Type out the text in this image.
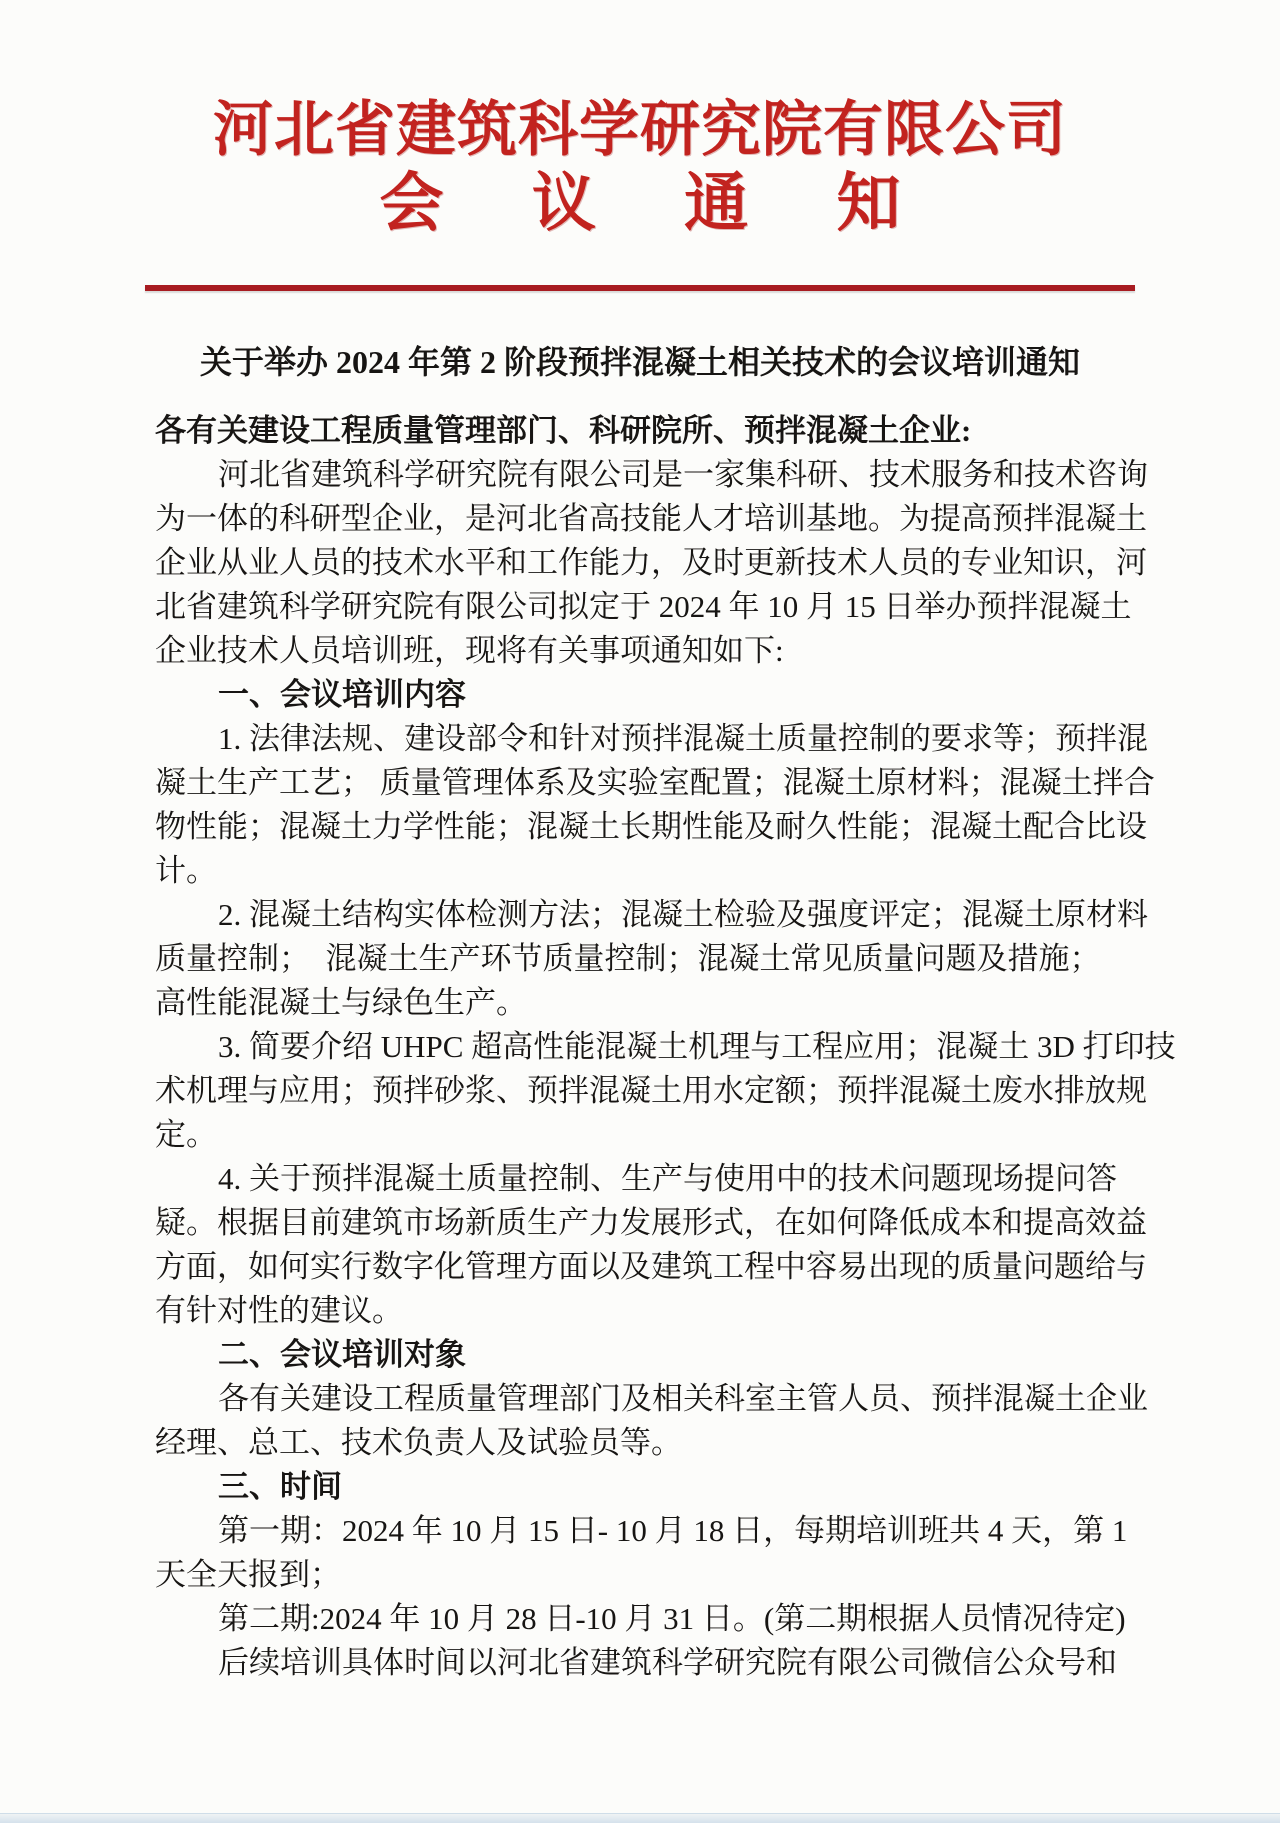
河北省建筑科学研究院有限公司
会议通知
关于举办 2024 年第 2 阶段预拌混凝土相关技术的会议培训通知
各有关建设工程质量管理部门、科研院所、预拌混凝土企业:
河北省建筑科学研究院有限公司是一家集科研、技术服务和技术咨询
为一体的科研型企业，是河北省高技能人才培训基地。为提高预拌混凝土
企业从业人员的技术水平和工作能力，及时更新技术人员的专业知识，河
北省建筑科学研究院有限公司拟定于 2024 年 10 月 15 日举办预拌混凝土
企业技术人员培训班，现将有关事项通知如下:
一、会议培训内容
1. 法律法规、建设部令和针对预拌混凝土质量控制的要求等；预拌混
凝土生产工艺； 质量管理体系及实验室配置；混凝土原材料；混凝土拌合
物性能；混凝土力学性能；混凝土长期性能及耐久性能；混凝土配合比设
计。
2. 混凝土结构实体检测方法；混凝土检验及强度评定；混凝土原材料
质量控制；  混凝土生产环节质量控制；混凝土常见质量问题及措施；
高性能混凝土与绿色生产。
3. 简要介绍 UHPC 超高性能混凝土机理与工程应用；混凝土 3D 打印技
术机理与应用；预拌砂浆、预拌混凝土用水定额；预拌混凝土废水排放规
定。
4. 关于预拌混凝土质量控制、生产与使用中的技术问题现场提问答
疑。根据目前建筑市场新质生产力发展形式，在如何降低成本和提高效益
方面，如何实行数字化管理方面以及建筑工程中容易出现的质量问题给与
有针对性的建议。
二、会议培训对象
各有关建设工程质量管理部门及相关科室主管人员、预拌混凝土企业
经理、总工、技术负责人及试验员等。
三、时间
第一期：2024 年 10 月 15 日- 10 月 18 日，每期培训班共 4 天，第 1
天全天报到；
第二期:2024 年 10 月 28 日-10 月 31 日。(第二期根据人员情况待定)
后续培训具体时间以河北省建筑科学研究院有限公司微信公众号和
